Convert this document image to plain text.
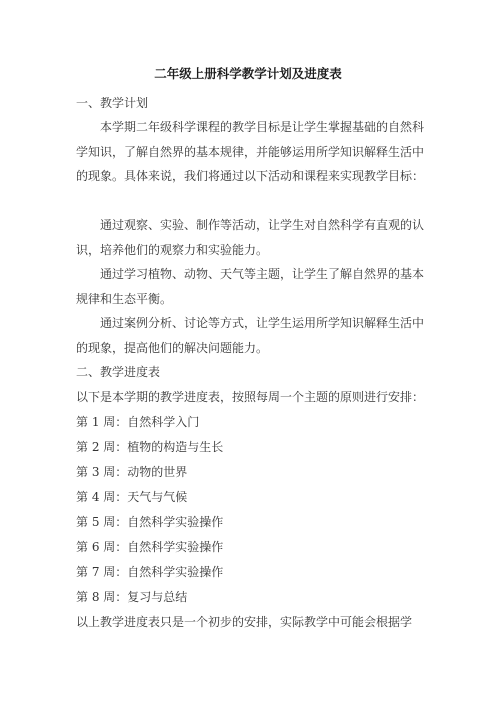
二年级上册科学教学计划及进度表
一、教学计划

本学期二年级科学课程的教学目标是让学生掌握基础的自然科学知识，了解自然界的基本规律，并能够运用所学知识解释生活中的现象。具体来说，我们将通过以下活动和课程来实现教学目标：

通过观察、实验、制作等活动，让学生对自然科学有直观的认识，培养他们的观察力和实验能力。

通过学习植物、动物、天气等主题，让学生了解自然界的基本规律和生态平衡。

通过案例分析、讨论等方式，让学生运用所学知识解释生活中的现象，提高他们的解决问题能力。

二、教学进度表
以下是本学期的教学进度表，按照每周一个主题的原则进行安排：
第 1 周：自然科学入门
第 2 周：植物的构造与生长
第 3 周：动物的世界
第 4 周：天气与气候
第 5 周：自然科学实验操作
第 6 周：自然科学实验操作
第 7 周：自然科学实验操作
第 8 周：复习与总结
以上教学进度表只是一个初步的安排，实际教学中可能会根据学
